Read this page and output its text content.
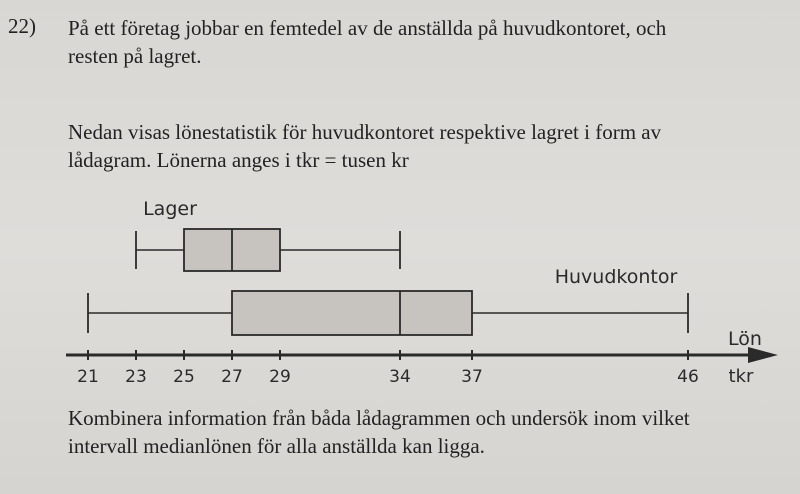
22) På ett företag jobbar en femtedel av de anställda på huvudkontoret, och
resten på lagret.

Nedan visas lönestatistik för huvudkontoret respektive lagret i form av
lådagram. Lönerna anges i tkr = tusen kr

Lön
tkr
21 23 25 27 29	34	37	46
Lager
Huvudkontor

Kombinera information från båda lådagrammen och undersök inom vilket
intervall medianlönen för alla anställda kan ligga.
